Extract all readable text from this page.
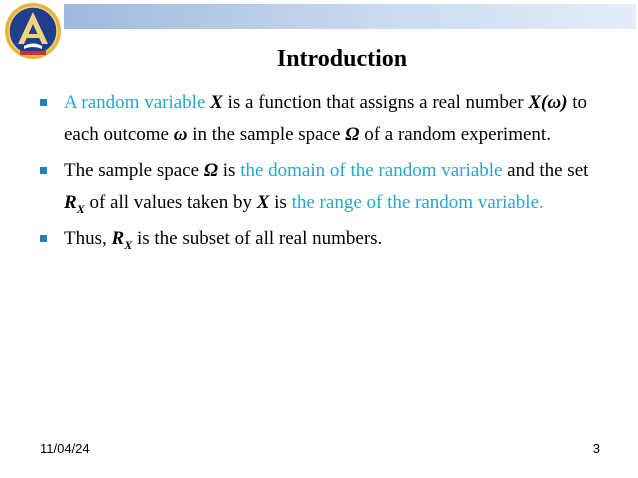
Introduction
A random variable X is a function that assigns a real number X(ω) to each outcome ω in the sample space Ω of a random experiment.
The sample space Ω is the domain of the random variable and the set $R_X$ of all values taken by X is the range of the random variable.
Thus, $R_X$ is the subset of all real numbers.
11/04/24	3
